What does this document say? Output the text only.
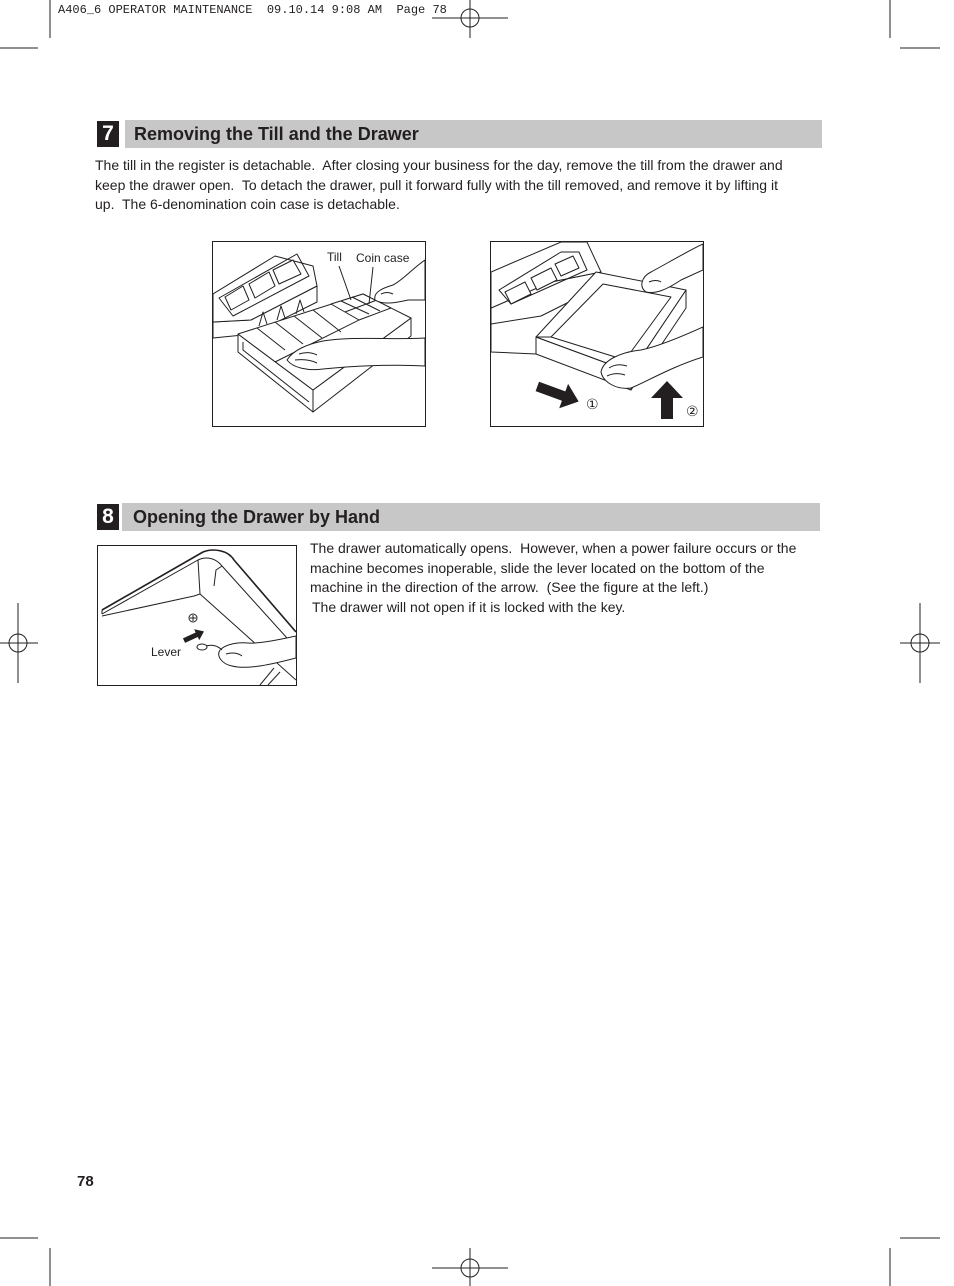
A406_6 OPERATOR MAINTENANCE  09.10.14 9:08 AM  Page 78
7	Removing the Till and the Drawer
The till in the register is detachable.  After closing your business for the day, remove the till from the drawer and
keep the drawer open.  To detach the drawer, pull it forward fully with the till removed, and remove it by lifting it
up.  The 6-denomination coin case is detachable.
Till Coin case
①	②
8	Opening the Drawer by Hand
Lever
The drawer automatically opens.  However, when a power failure occurs or the
machine becomes inoperable, slide the lever located on the bottom of the
machine in the direction of the arrow.  (See the figure at the left.)
The drawer will not open if it is locked with the key.
78
